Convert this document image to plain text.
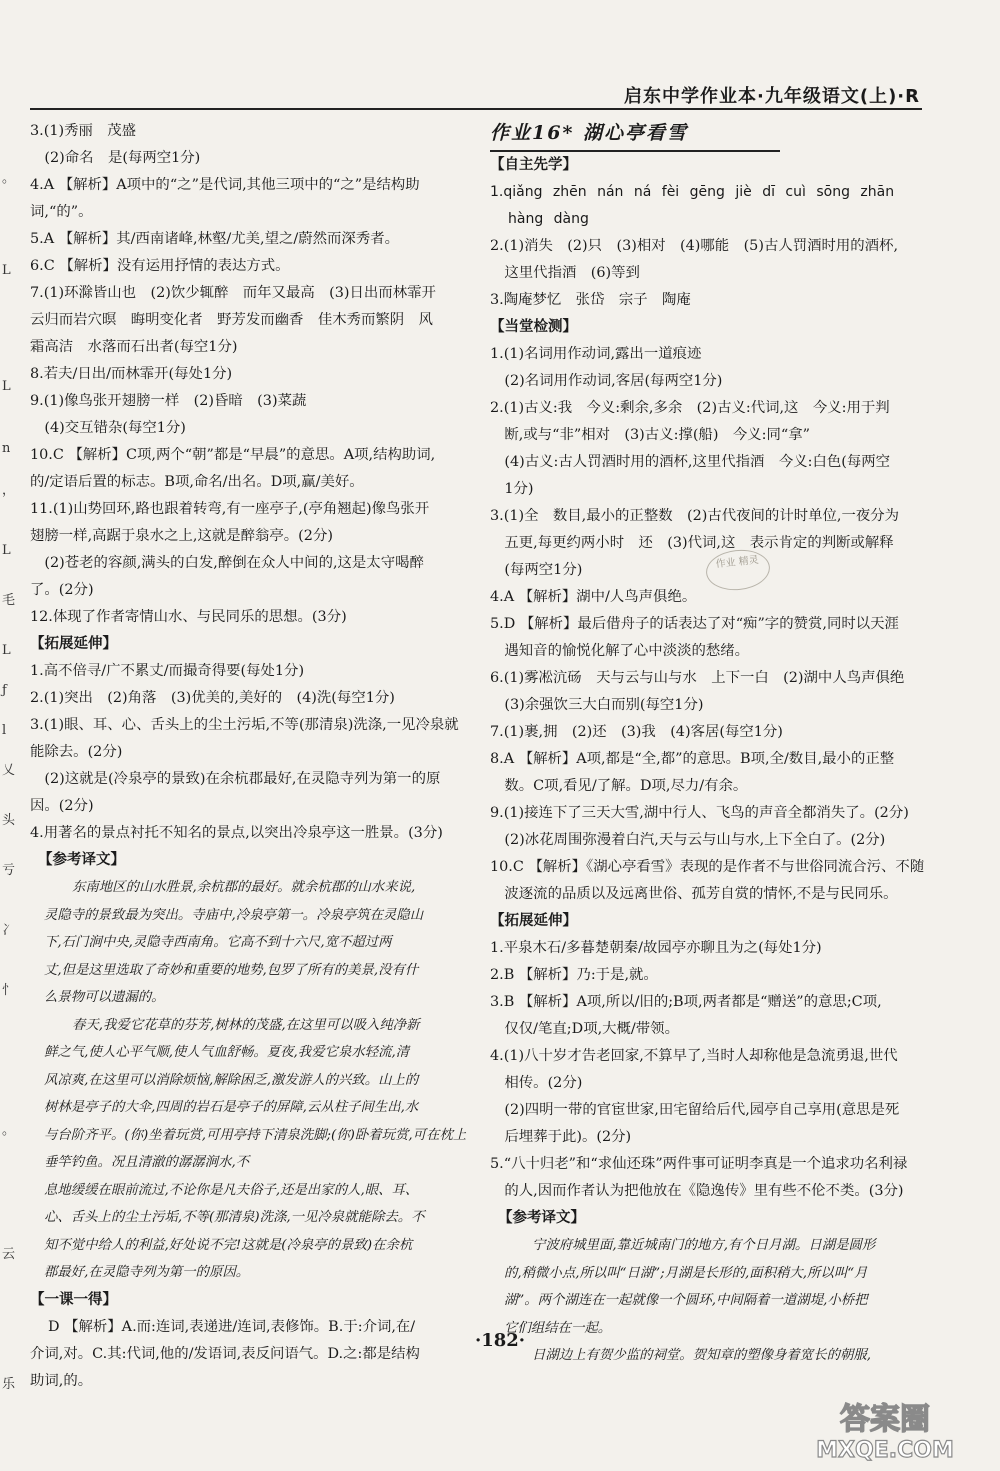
启东中学作业本·九年级语文(上)·R
。
L
L
n
，
L
毛
L
ƒ
l
乂
头
亏
冫
忄
。
云
乐
3.(1)秀丽　茂盛
　(2)命名　是(每两空1分)
4.A 【解析】A项中的“之”是代词,其他三项中的“之”是结构助
词,“的”。
5.A 【解析】其/西南诸峰,林壑/尤美,望之/蔚然而深秀者。
6.C 【解析】没有运用抒情的表达方式。
7.(1)环滁皆山也　(2)饮少辄醉　而年又最高　(3)日出而林霏开
云归而岩穴暝　晦明变化者　野芳发而幽香　佳木秀而繁阴　风
霜高洁　水落而石出者(每空1分)
8.若夫/日出/而林霏开(每处1分)
9.(1)像鸟张开翅膀一样　(2)昏暗　(3)菜蔬
　(4)交互错杂(每空1分)
10.C 【解析】C项,两个“朝”都是“早晨”的意思。A项,结构助词,
的/定语后置的标志。B项,命名/出名。D项,赢/美好。
11.(1)山势回环,路也跟着转弯,有一座亭子,(亭角翘起)像鸟张开
翅膀一样,高踞于泉水之上,这就是醉翁亭。(2分)
　(2)苍老的容颜,满头的白发,醉倒在众人中间的,这是太守喝醉
了。(2分)
12.体现了作者寄情山水、与民同乐的思想。(3分)
【拓展延伸】
1.高不倍寻/广不累丈/而撮奇得要(每处1分)
2.(1)突出　(2)角落　(3)优美的,美好的　(4)洗(每空1分)
3.(1)眼、耳、心、舌头上的尘土污垢,不等(那清泉)洗涤,一见冷泉就
能除去。(2分)
　(2)这就是(冷泉亭的景致)在余杭郡最好,在灵隐寺列为第一的原
因。(2分)
4.用著名的景点衬托不知名的景点,以突出冷泉亭这一胜景。(3分)
【参考译文】
东南地区的山水胜景,余杭郡的最好。就余杭郡的山水来说,
灵隐寺的景致最为突出。寺庙中,冷泉亭第一。冷泉亭筑在灵隐山
下,石门涧中央,灵隐寺西南角。它高不到十六尺,宽不超过两
丈,但是这里选取了奇妙和重要的地势,包罗了所有的美景,没有什
么景物可以遗漏的。
春天,我爱它花草的芬芳,树林的茂盛,在这里可以吸入纯净新
鲜之气,使人心平气顺,使人气血舒畅。夏夜,我爱它泉水轻流,清
风凉爽,在这里可以消除烦恼,解除困乏,激发游人的兴致。山上的
树林是亭子的大伞,四周的岩石是亭子的屏障,云从柱子间生出,水
与台阶齐平。(你)坐着玩赏,可用亭持下清泉洗脚;(你)卧着玩赏,可在枕上垂竿钓鱼。况且清澈的潺潺涧水,不
息地缓缓在眼前流过,不论你是凡夫俗子,还是出家的人,眼、耳、
心、舌头上的尘土污垢,不等(那清泉)洗涤,一见冷泉就能除去。不
知不觉中给人的利益,好处说不完!这就是(冷泉亭的景致)在余杭
郡最好,在灵隐寺列为第一的原因。
【一课一得】
D 【解析】A.而:连词,表递进/连词,表修饰。B.于:介词,在/
介词,对。C.其:代词,他的/发语词,表反问语气。D.之:都是结构
助词,的。
作业16* 湖心亭看雪
【自主先学】
1.qiǎng zhēn nán ná fèi gēng jiè dī cuì sōng zhān
hàng dàng
2.(1)消失　(2)只　(3)相对　(4)哪能　(5)古人罚酒时用的酒杯,
　这里代指酒　(6)等到
3.陶庵梦忆　张岱　宗子　陶庵
【当堂检测】
1.(1)名词用作动词,露出一道痕迹
　(2)名词用作动词,客居(每两空1分)
2.(1)古义:我　今义:剩余,多余　(2)古义:代词,这　今义:用于判
　断,或与“非”相对　(3)古义:撑(船)　今义:同“拿”
　(4)古义:古人罚酒时用的酒杯,这里代指酒　今义:白色(每两空
　1分)
3.(1)全　数目,最小的正整数　(2)古代夜间的计时单位,一夜分为
　五更,每更约两小时　还　(3)代词,这　表示肯定的判断或解释
　(每两空1分)
4.A 【解析】湖中/人鸟声俱绝。
5.D 【解析】最后借舟子的话表达了对“痴”字的赞赏,同时以天涯
　遇知音的愉悦化解了心中淡淡的愁绪。
6.(1)雾凇沆砀　天与云与山与水　上下一白　(2)湖中人鸟声俱绝
　(3)余强饮三大白而别(每空1分)
7.(1)裹,拥　(2)还　(3)我　(4)客居(每空1分)
8.A 【解析】A项,都是“全,都”的意思。B项,全/数目,最小的正整
　数。C项,看见/了解。D项,尽力/有余。
9.(1)接连下了三天大雪,湖中行人、飞鸟的声音全都消失了。(2分)
　(2)冰花周围弥漫着白汽,天与云与山与水,上下全白了。(2分)
10.C 【解析】《湖心亭看雪》表现的是作者不与世俗同流合污、不随
　波逐流的品质以及远离世俗、孤芳自赏的情怀,不是与民同乐。
【拓展延伸】
1.平泉木石/多暮楚朝秦/故园亭亦聊且为之(每处1分)
2.B 【解析】乃:于是,就。
3.B 【解析】A项,所以/旧的;B项,两者都是“赠送”的意思;C项,
　仅仅/笔直;D项,大概/带领。
4.(1)八十岁才告老回家,不算早了,当时人却称他是急流勇退,世代
　相传。(2分)
　(2)四明一带的官宦世家,田宅留给后代,园亭自己享用(意思是死
　后埋葬于此)。(2分)
5.“八十归老”和“求仙还珠”两件事可证明李真是一个追求功名利禄
　的人,因而作者认为把他放在《隐逸传》里有些不伦不类。(3分)
【参考译文】
宁波府城里面,靠近城南门的地方,有个日月湖。日湖是圆形
的,稍微小点,所以叫“日湖”;月湖是长形的,面积稍大,所以叫“月
湖”。两个湖连在一起就像一个圆环,中间隔着一道湖堤,小桥把
它们组结在一起。
日湖边上有贺少监的祠堂。贺知章的塑像身着宽长的朝服,
作业 精灵
·182·
答案圈
MXQE.COM
